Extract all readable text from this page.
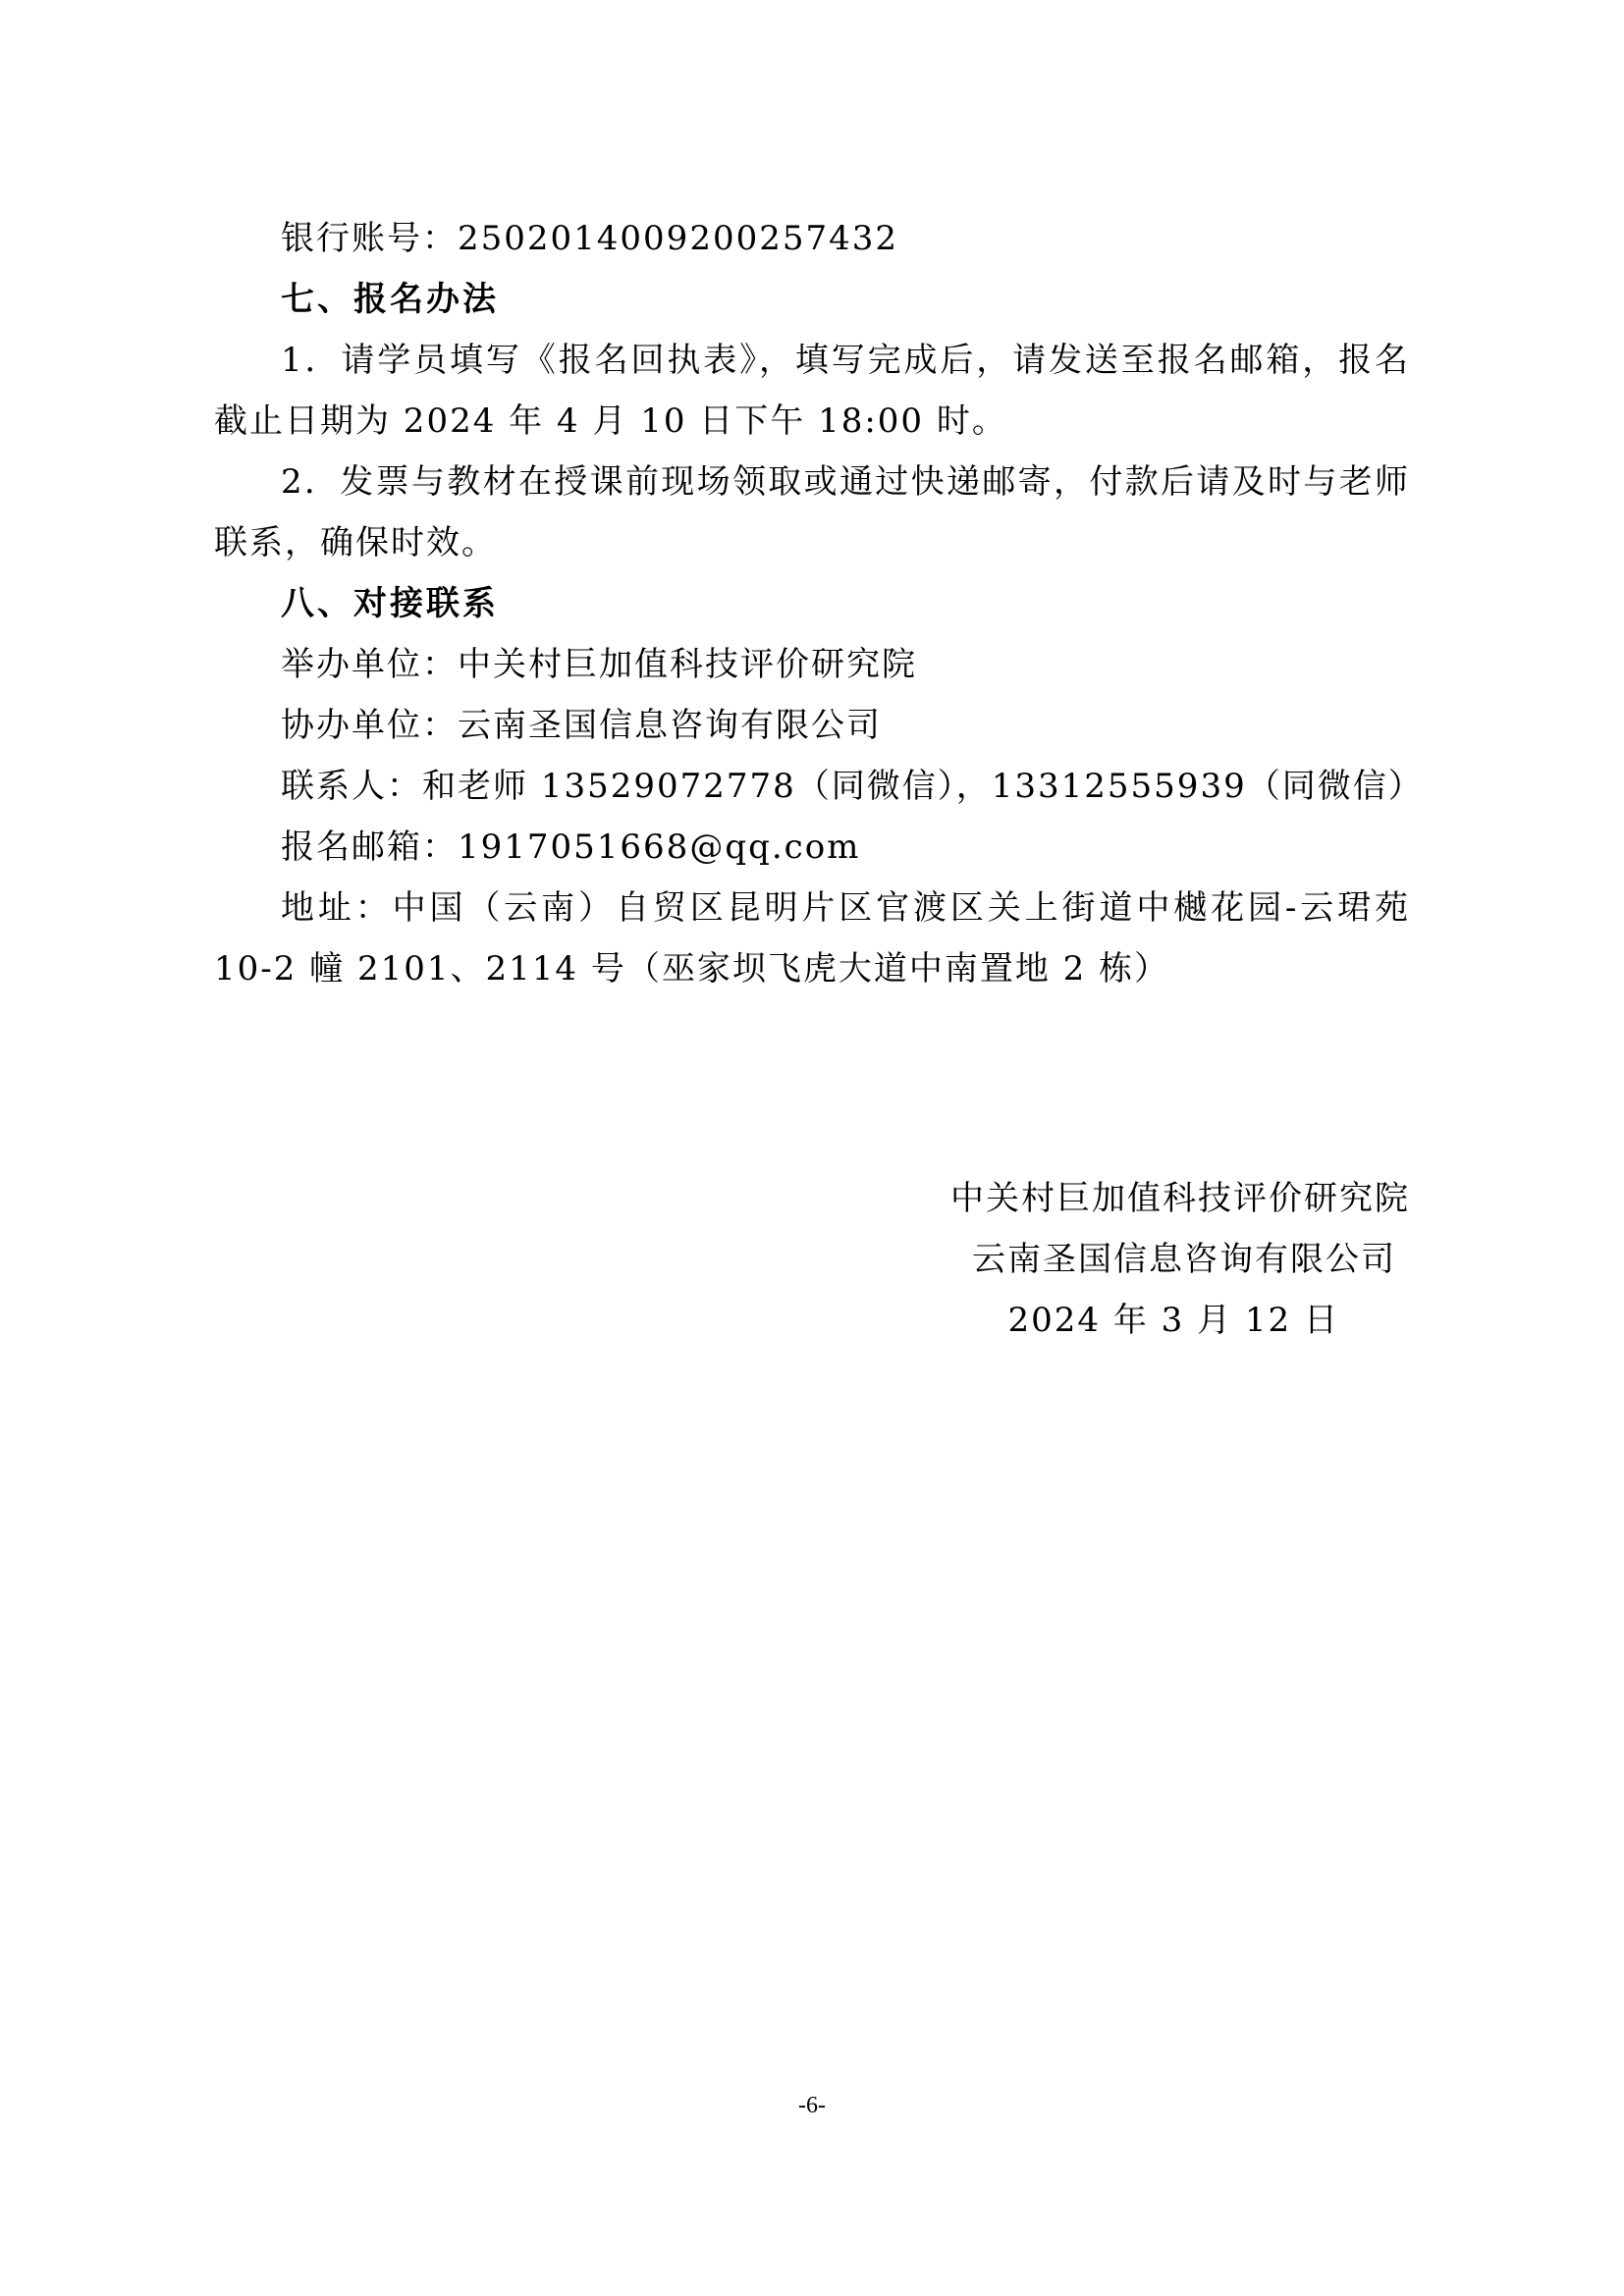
银行账号：2502014009200257432
七、报名办法

1．请学员填写《报名回执表》，填写完成后，请发送至报名邮箱，报名截止日期为 2024 年 4 月 10 日下午 18:00 时。

2．发票与教材在授课前现场领取或通过快递邮寄，付款后请及时与老师联系，确保时效。

八、对接联系
举办单位：中关村巨加值科技评价研究院
协办单位：云南圣国信息咨询有限公司
联系人：和老师 13529072778（同微信），13312555939（同微信）
报名邮箱：1917051668@qq.com

地址：中国（云南）自贸区昆明片区官渡区关上街道中樾花园-云珺苑10-2 幢 2101、2114 号（巫家坝飞虎大道中南置地 2 栋）

中关村巨加值科技评价研究院
云南圣国信息咨询有限公司
2024 年 3 月 12 日
-6-
